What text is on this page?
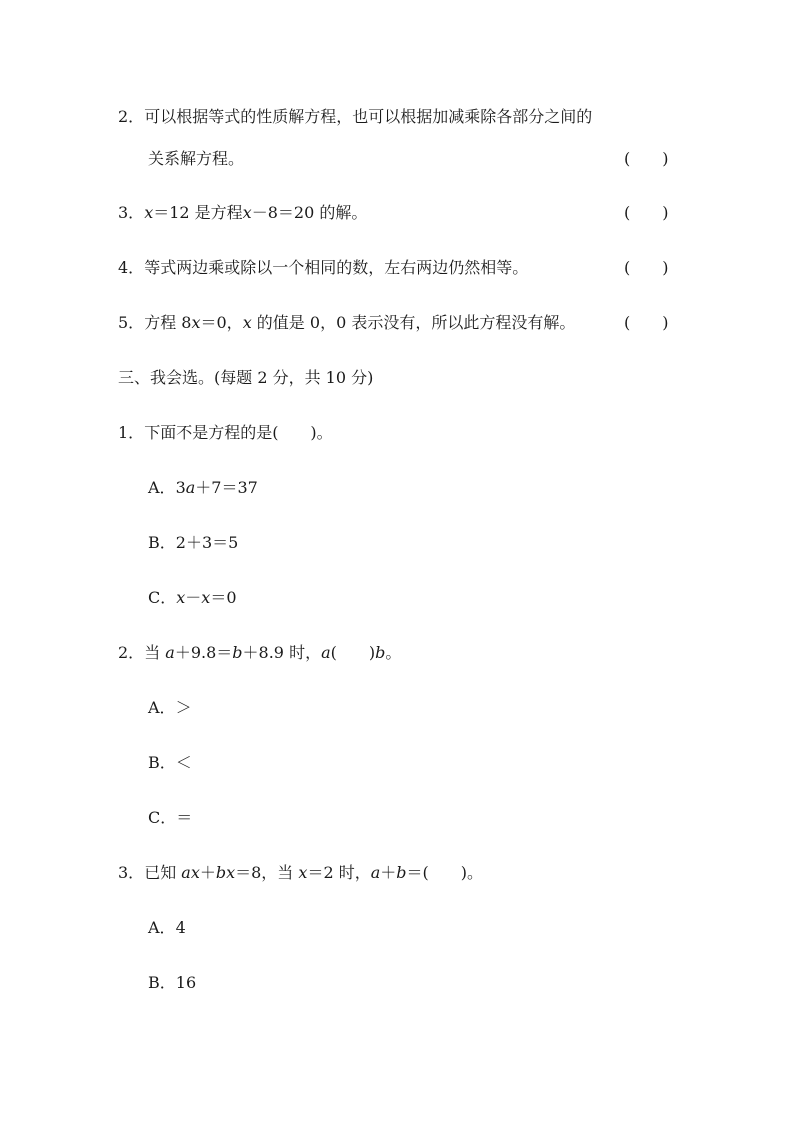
2．可以根据等式的性质解方程，也可以根据加减乘除各部分之间的
关系解方程。	(　　)
3．x＝12 是方程x－8＝20 的解。	(　　)
4．等式两边乘或除以一个相同的数，左右两边仍然相等。	(　　)
5．方程 8x＝0，x 的值是 0，0 表示没有，所以此方程没有解。	(　　)
三、我会选。(每题 2 分，共 10 分)
1．下面不是方程的是(　　)。
A．3a＋7＝37
B．2＋3＝5
C．x－x＝0
2．当 a＋9.8＝b＋8.9 时，a(　　)b。
A．＞
B．＜
C．＝
3．已知 ax＋bx＝8，当 x＝2 时，a＋b＝(　　)。
A．4
B．16
